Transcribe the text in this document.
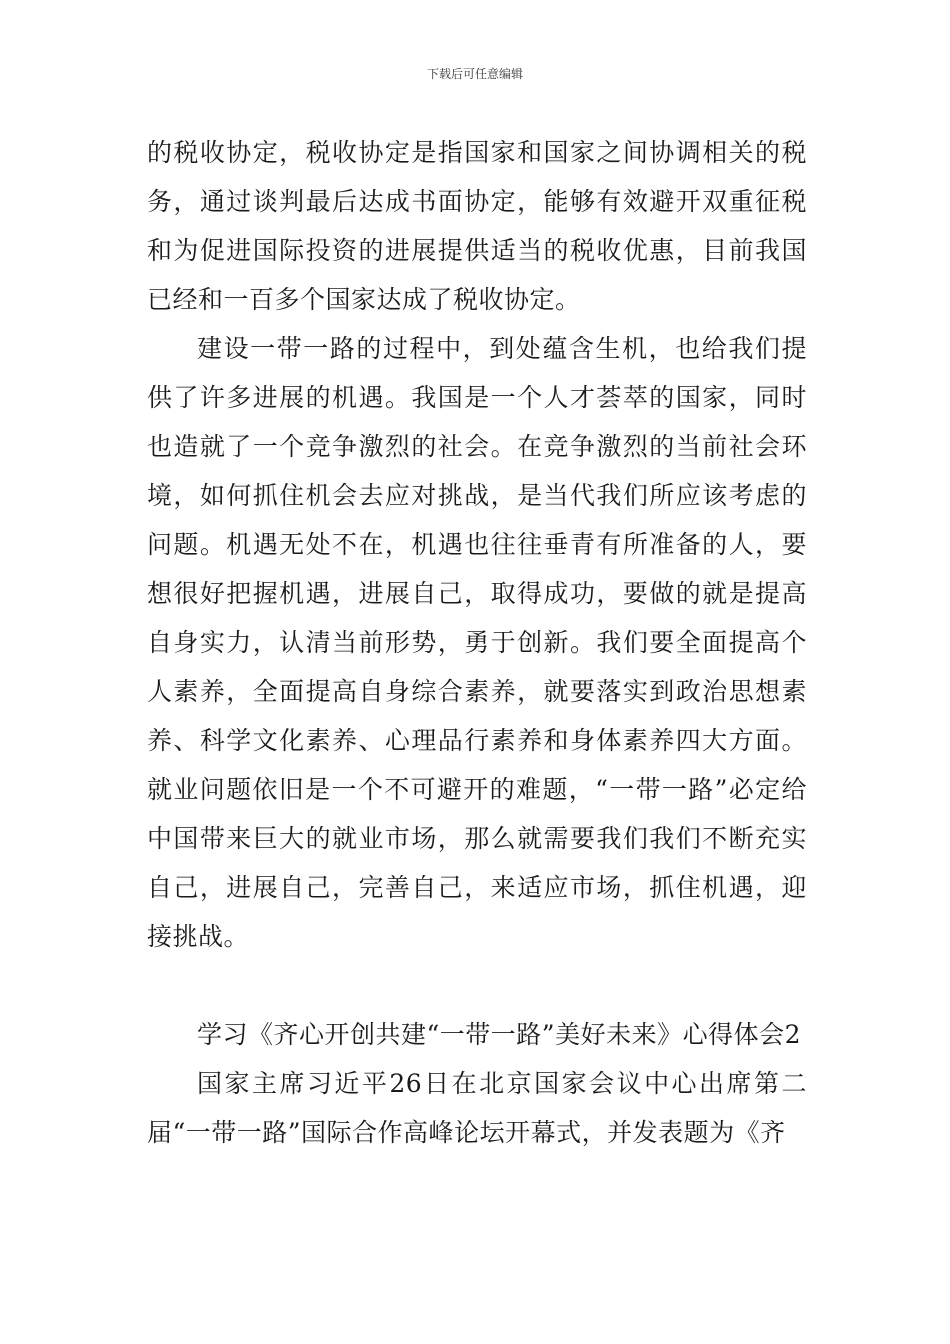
下载后可任意编辑

的税收协定，税收协定是指国家和国家之间协调相关的税务，通过谈判最后达成书面协定，能够有效避开双重征税和为促进国际投资的进展提供适当的税收优惠，目前我国已经和一百多个国家达成了税收协定。

建设一带一路的过程中，到处蕴含生机，也给我们提供了许多进展的机遇。我国是一个人才荟萃的国家，同时也造就了一个竞争激烈的社会。在竞争激烈的当前社会环境，如何抓住机会去应对挑战，是当代我们所应该考虑的问题。机遇无处不在，机遇也往往垂青有所准备的人，要想很好把握机遇，进展自己，取得成功，要做的就是提高自身实力，认清当前形势，勇于创新。我们要全面提高个人素养，全面提高自身综合素养，就要落实到政治思想素养、科学文化素养、心理品行素养和身体素养四大方面。就业问题依旧是一个不可避开的难题，“一带一路”必定给中国带来巨大的就业市场，那么就需要我们我们不断充实自己，进展自己，完善自己，来适应市场，抓住机遇，迎接挑战。

学习《齐心开创共建“一带一路”美好未来》心得体会2

国家主席习近平26日在北京国家会议中心出席第二届“一带一路”国际合作高峰论坛开幕式，并发表题为《齐
